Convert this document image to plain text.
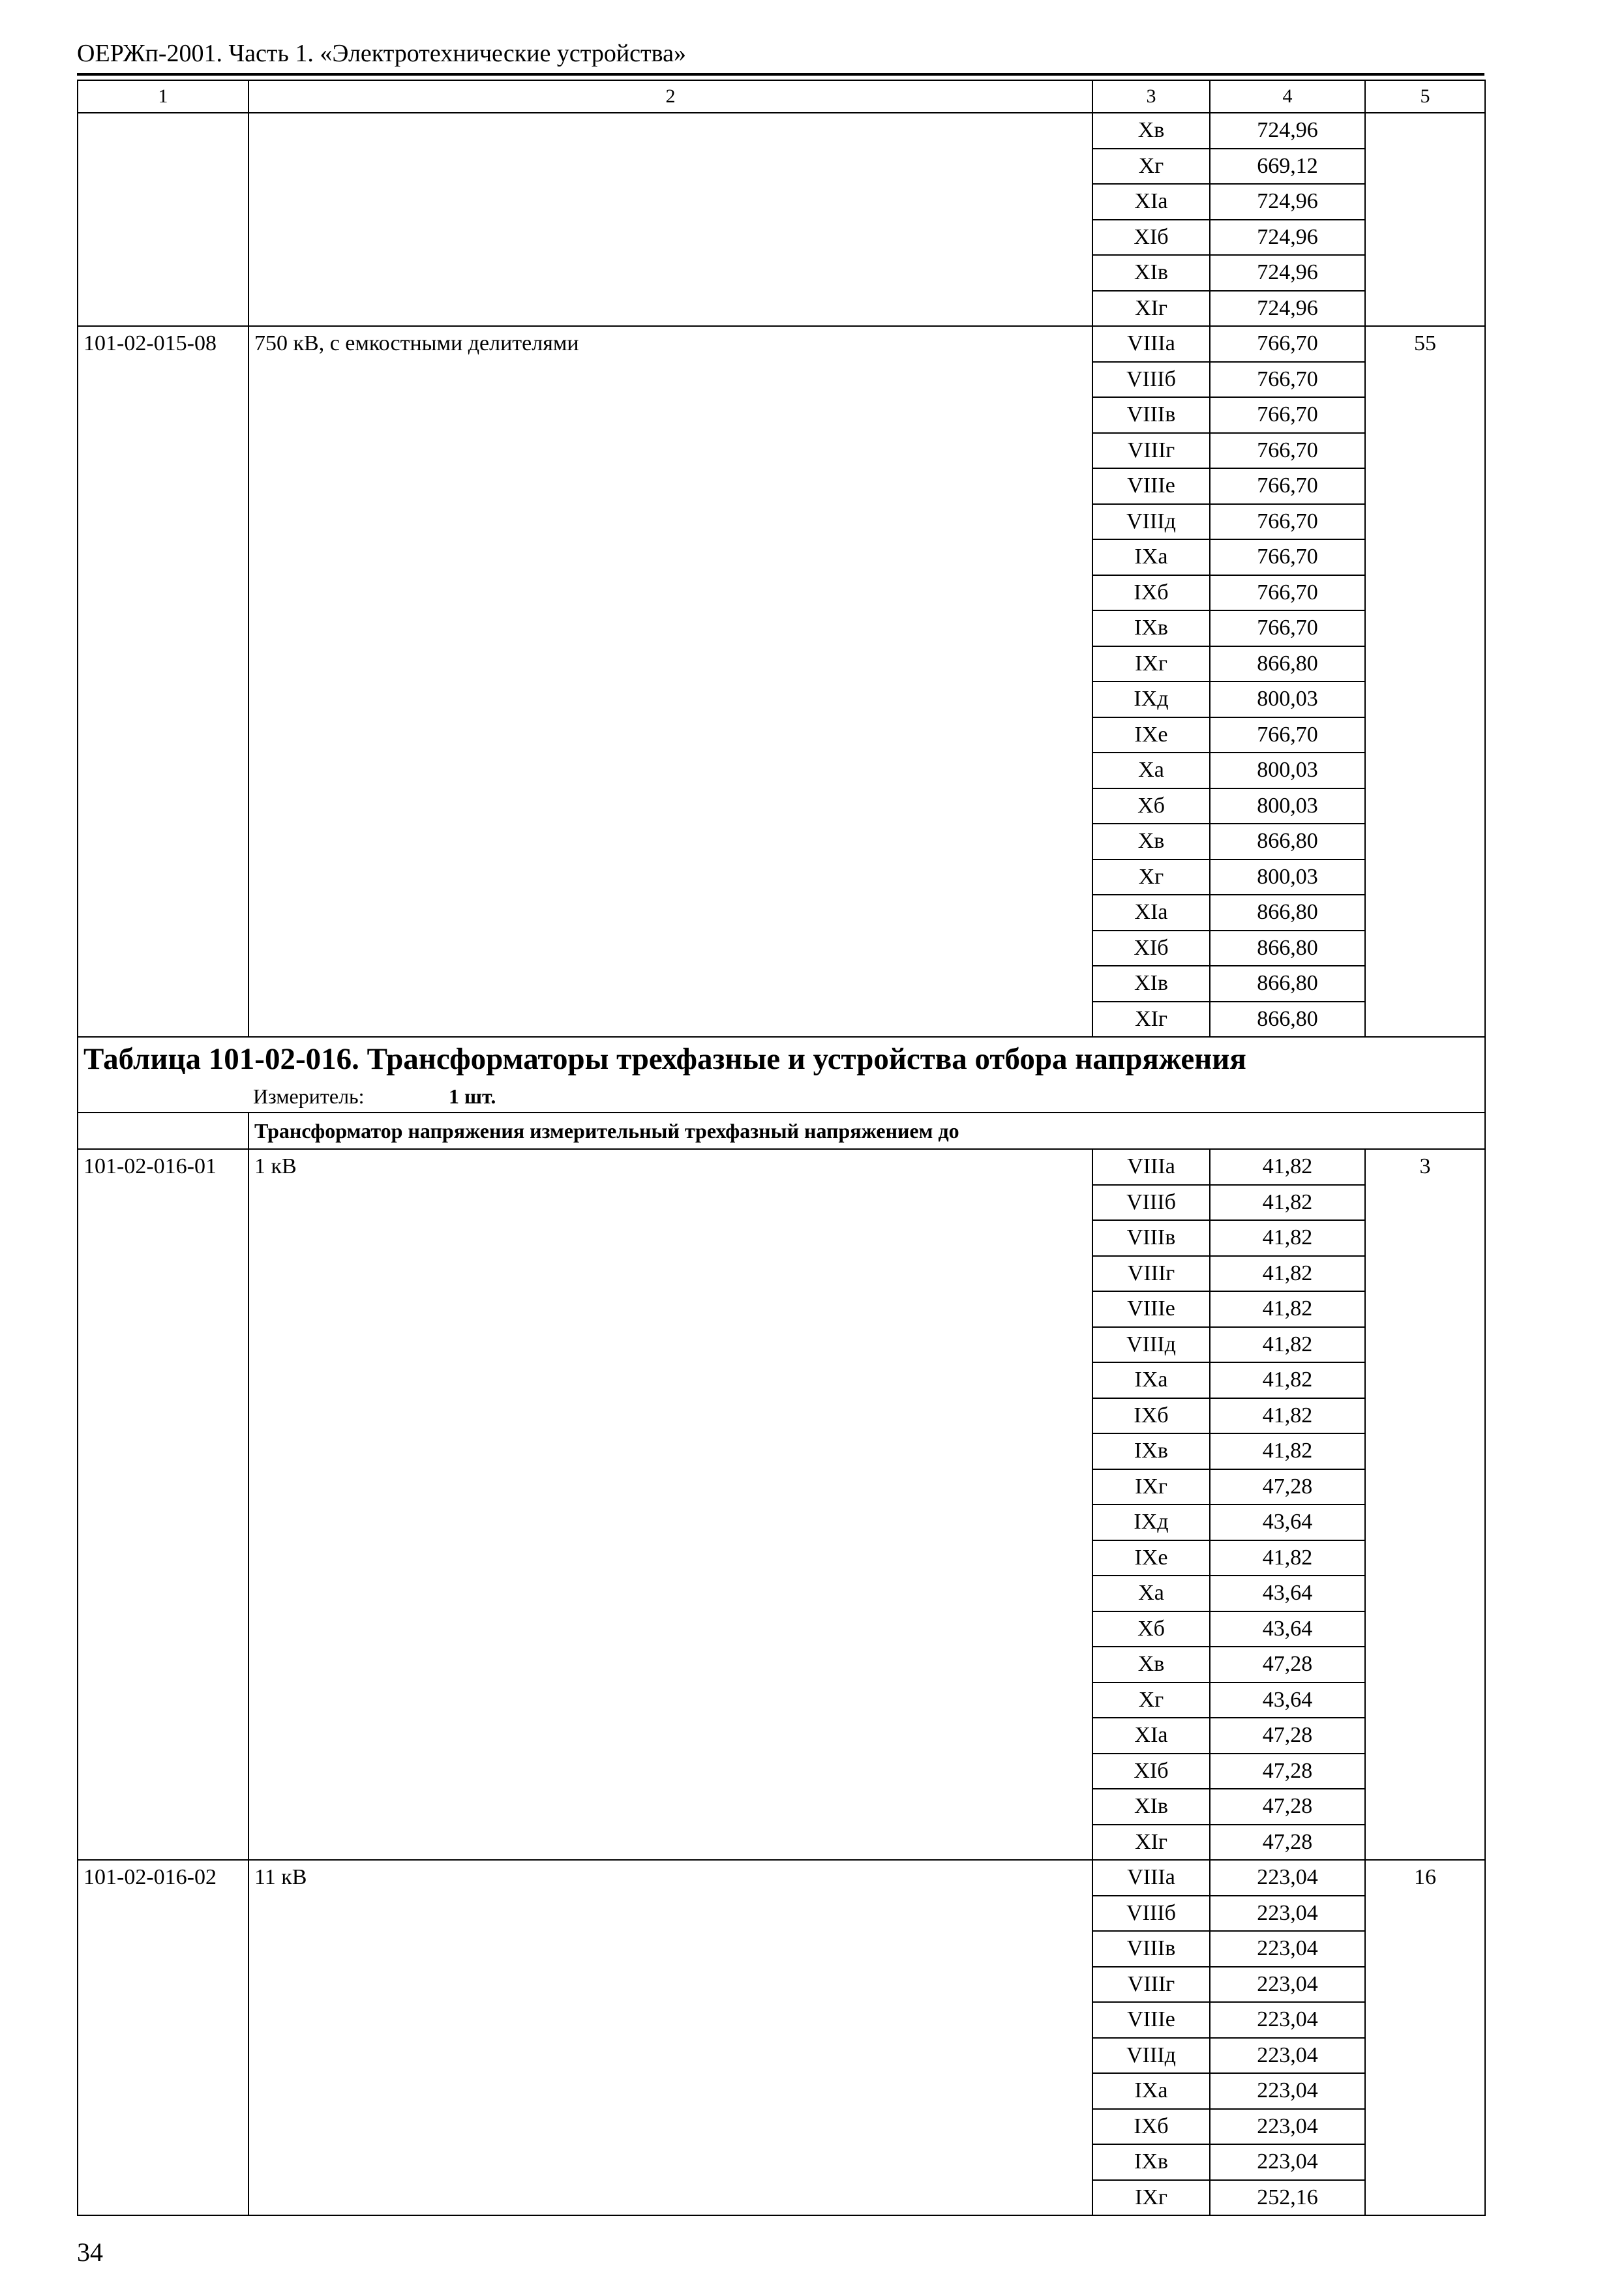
ОЕРЖп-2001. Часть 1. «Электротехнические устройства»
1	2	3	4	5
		Хв	724,96	
		Хг	669,12	
		ХIа	724,96	
		ХIб	724,96	
		ХIв	724,96	
		ХIг	724,96	
101-02-015-08	750 кВ, с емкостными делителями	VIIIа	766,70	55
		VIIIб	766,70	
		VIIIв	766,70	
		VIIIг	766,70	
		VIIIе	766,70	
		VIIIд	766,70	
		IХа	766,70	
		IХб	766,70	
		IХв	766,70	
		IХг	866,80	
		IХд	800,03	
		IХе	766,70	
		Ха	800,03	
		Хб	800,03	
		Хв	866,80	
		Хг	800,03	
		ХIа	866,80	
		ХIб	866,80	
		ХIв	866,80	
		ХIг	866,80	
Таблица 101-02-016. Трансформаторы трехфазные и устройства отбора напряжения				
Измеритель: 1 шт.				
	Трансформатор напряжения измерительный трехфазный напряжением до			
101-02-016-01	1 кВ	VIIIа	41,82	3
		VIIIб	41,82	
		VIIIв	41,82	
		VIIIг	41,82	
		VIIIе	41,82	
		VIIIд	41,82	
		IХа	41,82	
		IХб	41,82	
		IХв	41,82	
		IХг	47,28	
		IХд	43,64	
		IХе	41,82	
		Ха	43,64	
		Хб	43,64	
		Хв	47,28	
		Хг	43,64	
		ХIа	47,28	
		ХIб	47,28	
		ХIв	47,28	
		ХIг	47,28	
101-02-016-02	11 кВ	VIIIа	223,04	16
		VIIIб	223,04	
		VIIIв	223,04	
		VIIIг	223,04	
		VIIIе	223,04	
		VIIIд	223,04	
		IХа	223,04	
		IХб	223,04	
		IХв	223,04	
		IХг	252,16	
34
